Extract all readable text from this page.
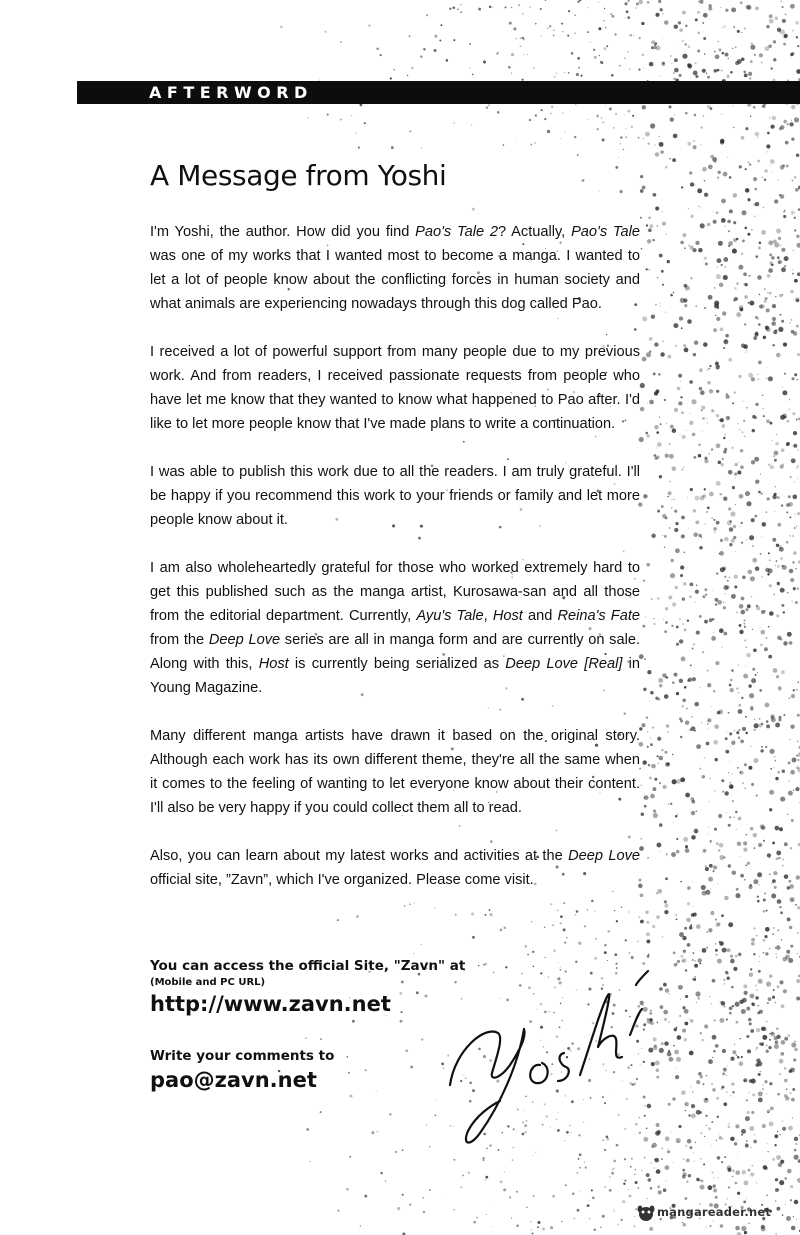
AFTERWORD
A Message from Yoshi

I'm Yoshi, the author. How did you find Pao's Tale 2? Actually, Pao's Tale was one of my works that I wanted most to become a manga. I wanted to let a lot of people know about the conflicting forces in human society and what animals are experiencing nowadays through this dog called Pao.

I received a lot of powerful support from many people due to my previous work. And from readers, I received passionate requests from people who have let me know that they wanted to know what happened to Pao after. I'd like to let more people know that I've made plans to write a continuation.

I was able to publish this work due to all the readers. I am truly grateful. I'll be happy if you recommend this work to your friends or family and let more people know about it.

I am also wholeheartedly grateful for those who worked extremely hard to get this published such as the manga artist, Kurosawa-san and all those from the editorial department. Currently, Ayu's Tale, Host and Reina's Fate from the Deep Love series are all in manga form and are currently on sale. Along with this, Host is currently being serialized as Deep Love [Real] in Young Magazine.

Many different manga artists have drawn it based on the original story. Although each work has its own different theme, they're all the same when it comes to the feeling of wanting to let everyone know about their content. I'll also be very happy if you could collect them all to read.

Also, you can learn about my latest works and activities at the Deep Love official site, ”Zavn”, which I've organized. Please come visit.

You can access the official Site, "Zavn" at
(Mobile and PC URL)
http://www.zavn.net
Write your comments to
pao@zavn.net
mangareader.net
